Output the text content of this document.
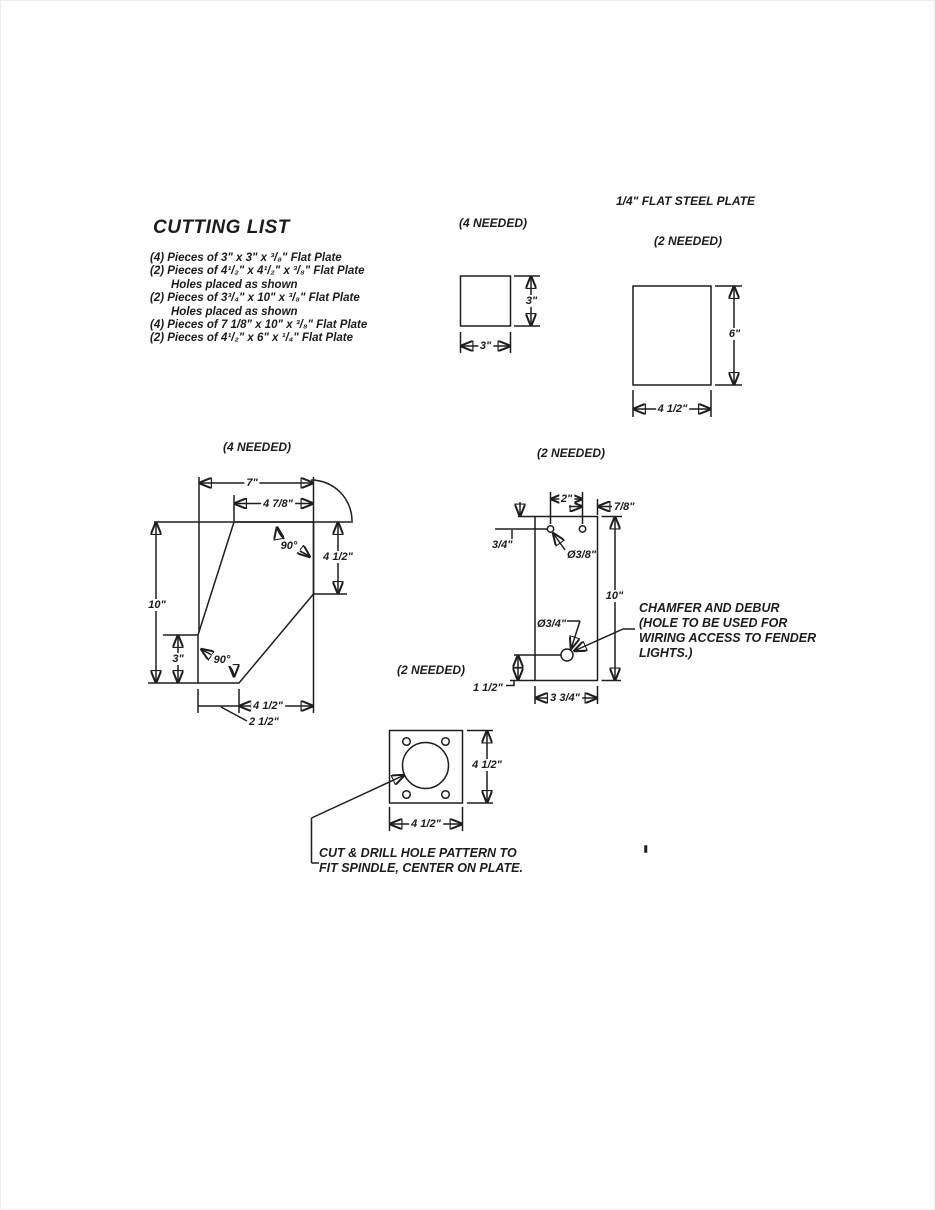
CUTTING LIST
(4) Pieces of 3" x 3" x ³/₈" Flat Plate
(2) Pieces of 4¹/₂" x 4¹/₂" x ³/₈" Flat Plate
Holes placed as shown
(2) Pieces of 3³/₄" x 10" x ³/₈" Flat Plate
Holes placed as shown
(4) Pieces of 7 1/8" x 10" x ³/₈" Flat Plate
(2) Pieces of 4¹/₂" x 6" x ¹/₄" Flat Plate
(4 NEEDED)
3"
3"
1/4" FLAT STEEL PLATE
(2 NEEDED)
6"
4 1/2"
(4 NEEDED)
7"
4 7/8"
90°
4 1/2"
10"
3"	90°
4 1/2"
2 1/2"
(2 NEEDED)
2"
7/8"
3/4"
Ø3/8"
10"
Ø3/4"
CHAMFER AND DEBUR
(HOLE TO BE USED FOR
WIRING ACCESS TO FENDER
LIGHTS.)
1 1/2"
3 3/4"
(2 NEEDED)
4 1/2"
4 1/2"
CUT & DRILL HOLE PATTERN TO
FIT SPINDLE, CENTER ON PLATE.
